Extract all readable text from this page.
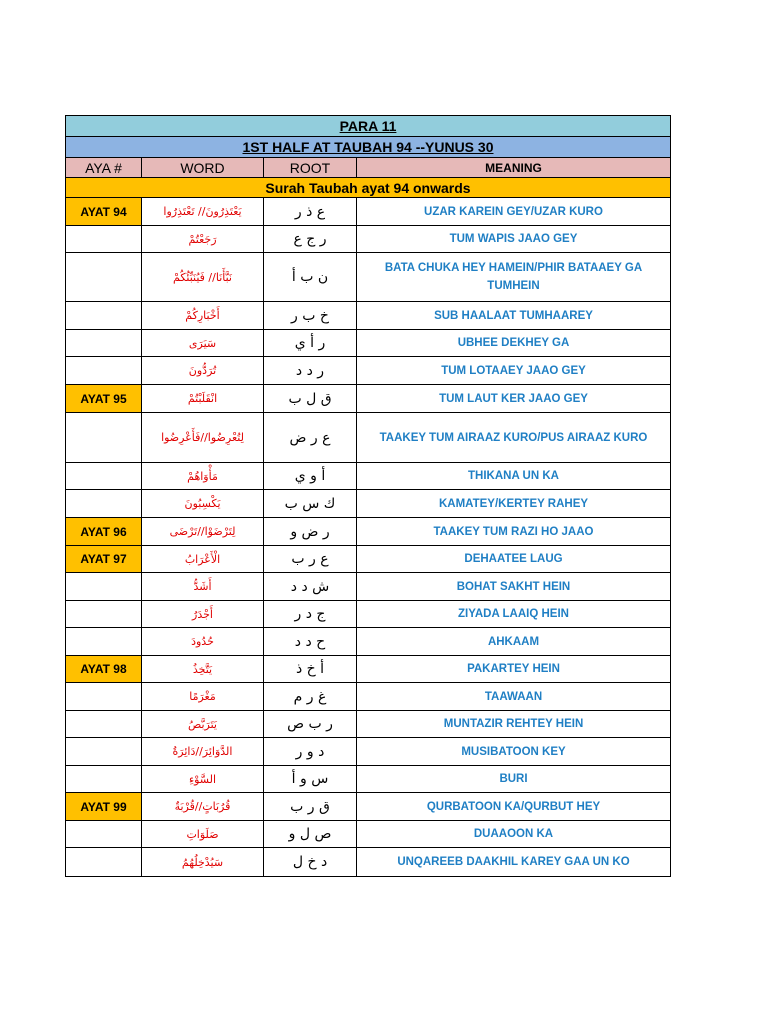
PARA 11			
1ST HALF AT TAUBAH 94 --YUNUS 30			
AYA #	WORD	ROOT	MEANING
Surah Taubah ayat 94 onwards			
AYAT 94	يَعْتَذِرُونَ// تَعْتَذِرُوا	ع ذ ر	UZAR KAREIN GEY/UZAR KURO
	رَجَعْتُمْ	ر ج ع	TUM WAPIS JAAO GEY
	نَبَّأَنَا// فَيُنَبِّئُكُمْ	ن ب أ	BATA CHUKA HEY HAMEIN/PHIR BATAAEY GA TUMHEIN
	أَخْبَارِكُمْ	خ ب ر	SUB HAALAAT TUMHAAREY
	سَيَرَى	ر أ ي	UBHEE DEKHEY GA
	تُرَدُّونَ	ر د د	TUM LOTAAEY JAAO GEY
AYAT 95	انْقَلَبْتُمْ	ق ل ب	TUM LAUT KER JAAO GEY
	لِتُعْرِضُوا//فَأَعْرِضُوا	ع ر ض	TAAKEY TUM AIRAAZ KURO/PUS AIRAAZ KURO
	مَأْوَاهُمْ	أ و ي	THIKANA UN KA
	يَكْسِبُونَ	ك س ب	KAMATEY/KERTEY RAHEY
AYAT 96	لِتَرْضَوْا//تَرْضَى	ر ض و	TAAKEY TUM RAZI HO JAAO
AYAT 97	الْأَعْرَابُ	ع ر ب	DEHAATEE LAUG
	أَشَدُّ	ش د د	BOHAT SAKHT HEIN
	أَجْدَرُ	ج د ر	ZIYADA LAAIQ HEIN
	حُدُودَ	ح د د	AHKAAM
AYAT 98	يَتَّخِذُ	أ خ ذ	PAKARTEY HEIN
	مَغْرَمًا	غ ر م	TAAWAAN
	يَتَرَبَّصُ	ر ب ص	MUNTAZIR REHTEY HEIN
	الدَّوَائِرَ//دَائِرَةُ	د و ر	MUSIBATOON KEY
	السَّوْءِ	س و أ	BURI
AYAT 99	قُرُبَاتٍ//قُرْبَةٌ	ق ر ب	QURBATOON KA/QURBUT HEY
	صَلَوَاتِ	ص ل و	DUAAOON KA
	سَيُدْخِلُهُمُ	د خ ل	UNQAREEB DAAKHIL KAREY GAA UN KO
